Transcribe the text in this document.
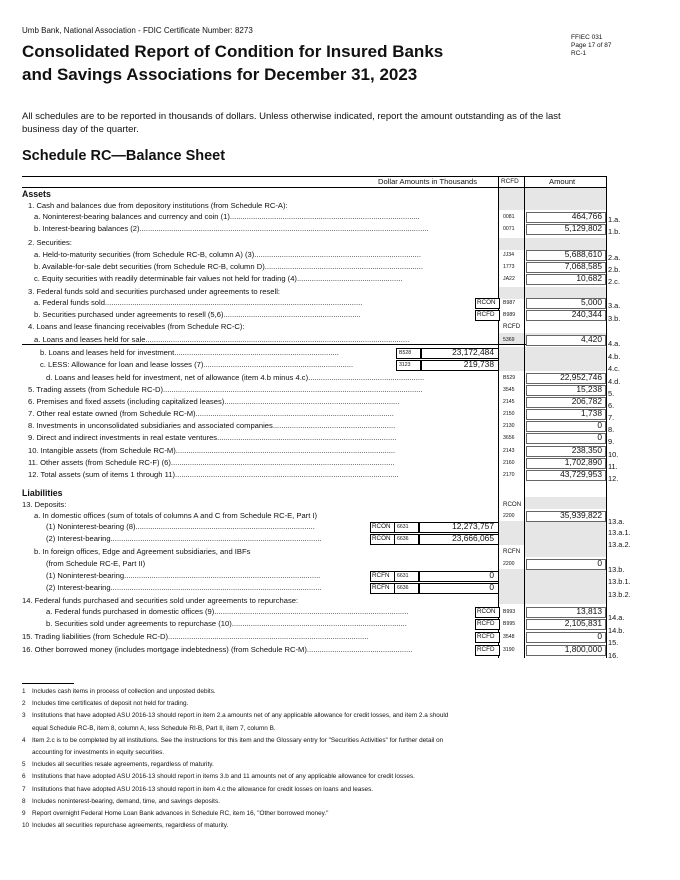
Umb Bank, National Association - FDIC Certificate Number: 8273
Consolidated Report of Condition for Insured Banks
and Savings Associations for December 31, 2023
FFIEC 031
Page 17 of 87
RC-1
All schedules are to be reported in thousands of dollars. Unless otherwise indicated, report the amount outstanding as of the last business day of the quarter.
Schedule RC—Balance Sheet
Dollar Amounts in Thousands	RCFD	Amount
Assets
Liabilities
1. Cash and balances due from depository institutions (from Schedule RC-A):
a. Noninterest-bearing balances and currency and coin (1)..........................................................................................	0081	464,766 1.a.
b. Interest-bearing balances (2).........................................................................................................................................	0071	5,129,802 1.b.
2. Securities:
a. Held-to-maturity securities (from Schedule RC-B, column A) (3)...............................................................................	JJ34	5,688,610 2.a.
b. Available-for-sale debt securities (from Schedule RC-B, column D)...........................................................................	1773	7,068,585 2.b.
c. Equity securities with readily determinable fair values not held for trading (4)..................................................	JA22	10,682 2.c.
3. Federal funds sold and securities purchased under agreements to resell:
a. Federal funds sold..........................................................................................................................	RCON B987	5,000 3.a.
b. Securities purchased under agreements to resell (5,6).................................................................	RCFD B989	240,344 3.b.
4. Loans and lease financing receivables (from Schedule RC-C):	RCFD
a. Loans and leases held for sale.............................................................................................................................	5369	4,420 4.a.
b. Loans and leases held for investment..............................................................................	B528	23,172,484	4.b.
c. LESS: Allowance for loan and lease losses (7).......................................................................	3123	219,738	4.c.
d. Loans and leases held for investment, net of allowance (item 4.b minus 4.c).......................................................	B529	22,952,746 4.d.
5. Trading assets (from Schedule RC-D)...........................................................................................................................	3545	15,238 5.
6. Premises and fixed assets (including capitalized leases)...................................................................................	2145	206,782 6.
7. Other real estate owned (from Schedule RC-M)..............................................................................................	2150	1,738 7.
8. Investments in unconsolidated subsidiaries and associated companies..........................................................	2130	0 8.
9. Direct and indirect investments in real estate ventures.....................................................................................	3656	0 9.
10. Intangible assets (from Schedule RC-M)........................................................................................................	2143	238,350 10.
11. Other assets (from Schedule RC-F) (6)..........................................................................................................	2160	1,702,890 11.
12. Total assets (sum of items 1 through 11)..........................................................................................................	2170	43,729,953 12.
13. Deposits:	RCON
a. In domestic offices (sum of totals of columns A and C from Schedule RC-E, Part I)	2200	35,939,822
13.a.
(1) Noninterest-bearing (8).....................................................................................	RCON 6631	12,273,757
13.a.1.
(2) Interest-bearing....................................................................................................	RCON 6636	23,666,065
13.a.2.
b. In foreign offices, Edge and Agreement subsidiaries, and IBFs	RCFN
(from Schedule RC-E, Part II)	2200	0
13.b.
(1) Noninterest-bearing.............................................................................................	RCFN 6631	0
13.b.1.
(2) Interest-bearing....................................................................................................	RCFN 6636	0
13.b.2.
14. Federal funds purchased and securities sold under agreements to repurchase:
a. Federal funds purchased in domestic offices (9)............................................................................................	RCON B993	13,813
14.a.
b. Securities sold under agreements to repurchase (10)...................................................................................	RCFD B995	2,105,831
14.b.
15. Trading liabilities (from Schedule RC-D)...............................................................................................	RCFD 3548	0
15.
16. Other borrowed money (includes mortgage indebtedness) (from Schedule RC-M)..................................................	RCFD 3190	1,800,000
16.
1 Includes cash items in process of collection and unposted debits.
2 Includes time certificates of deposit not held for trading.
3 Institutions that have adopted ASU 2016-13 should report in item 2.a amounts net of any applicable allowance for credit losses, and item 2.a should
equal Schedule RC-B, item 8, column A, less Schedule RI-B, Part II, item 7, column B.
4 Item 2.c is to be completed by all institutions. See the instructions for this item and the Glossary entry for "Securities Activities" for further detail on
accounting for investments in equity securities.
5 Includes all securities resale agreements, regardless of maturity.
6 Institutions that have adopted ASU 2016-13 should report in items 3.b and 11 amounts net of any applicable allowance for credit losses.
7 Institutions that have adopted ASU 2016-13 should report in item 4.c the allowance for credit losses on loans and leases.
8 Includes noninterest-bearing, demand, time, and savings deposits.
9 Report overnight Federal Home Loan Bank advances in Schedule RC, item 16, "Other borrowed money."
10 Includes all securities repurchase agreements, regardless of maturity.
